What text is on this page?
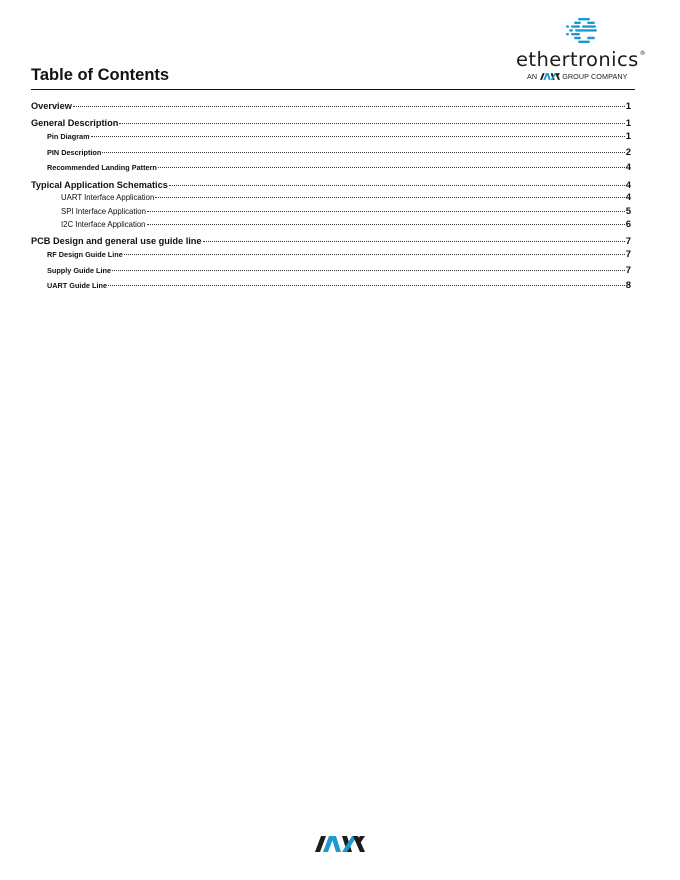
ethertronics®
AN	GROUP COMPANY
Table of Contents
Overview	1
General Description	1
Pin Diagram	1
PIN Description	2
Recommended Landing Pattern	4
Typical Application Schematics	4
UART Interface Application	4
SPI Interface Application	5
I2C Interface Application	6
PCB Design and general use guide line	7
RF Design Guide Line	7
Supply Guide Line	7
UART Guide Line	8
